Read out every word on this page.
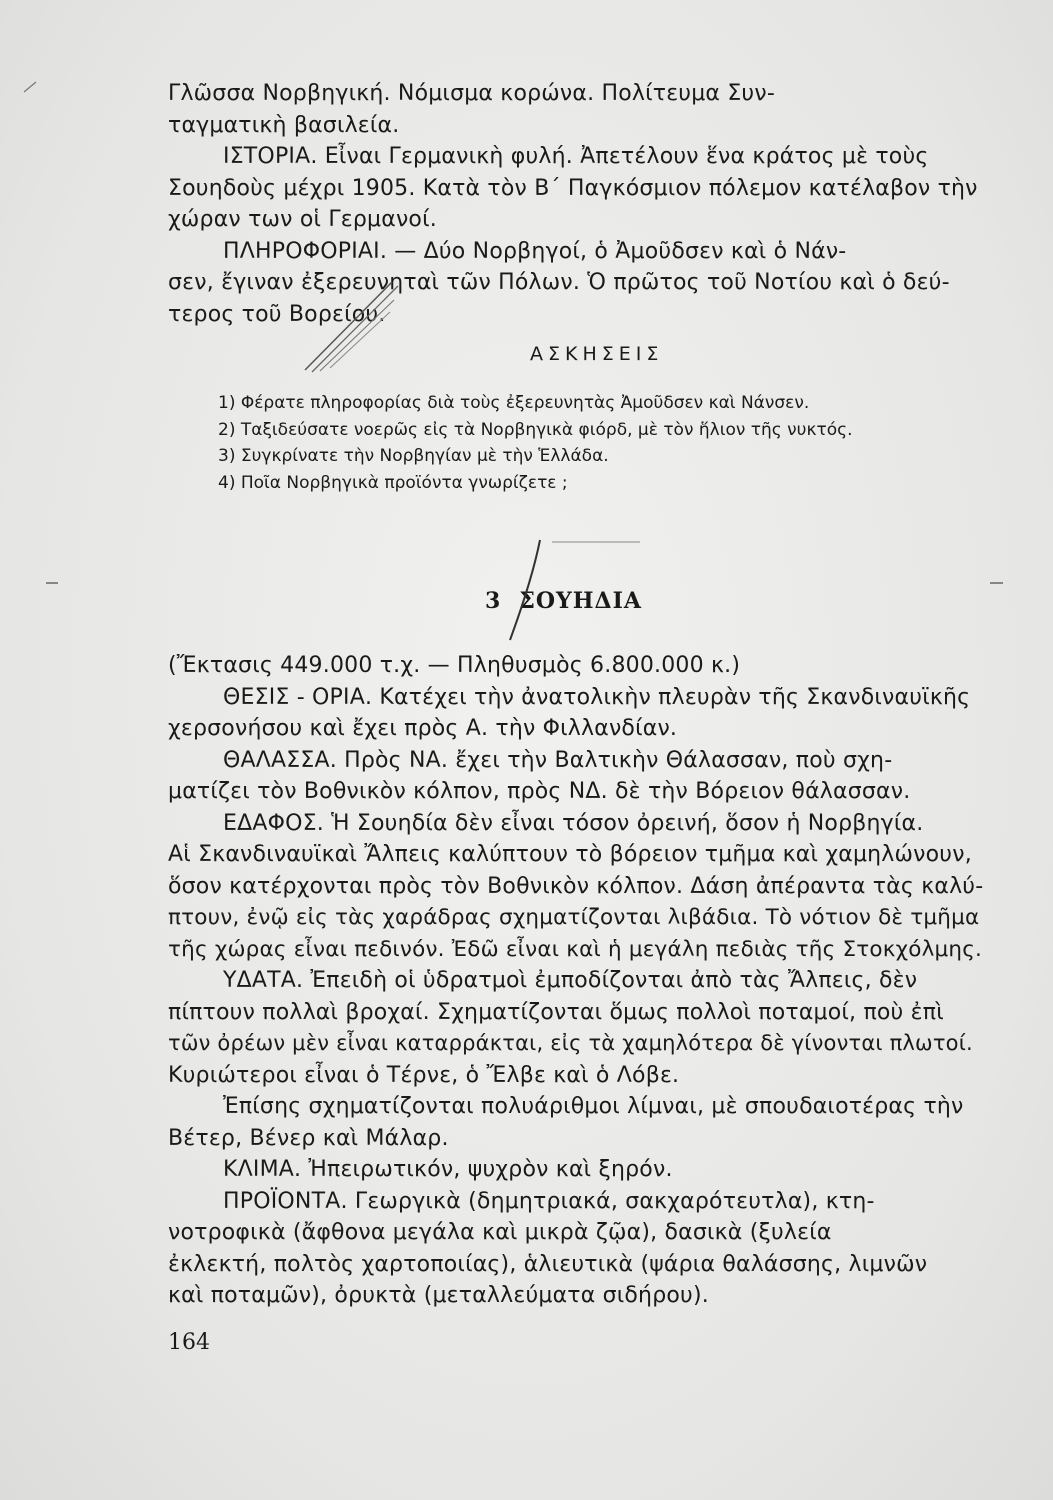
Γλῶσσα Νορβηγική. Νόμισμα κορώνα. Πολίτευμα Συν-

ταγματικὴ βασιλεία.

ΙΣΤΟΡΙΑ. Εἶναι Γερμανικὴ φυλή. Ἀπετέλουν ἕνα κράτος μὲ τοὺς

Σουηδοὺς μέχρι 1905. Κατὰ τὸν Β΄ Παγκόσμιον πόλεμον κατέλαβον τὴν

χώραν των οἱ Γερμανοί.

ΠΛΗΡΟΦΟΡΙΑΙ. — Δύο Νορβηγοί, ὁ Ἀμοῦδσεν καὶ ὁ Νάν-

σεν, ἔγιναν ἐξερευνηταὶ τῶν Πόλων. Ὁ πρῶτος τοῦ Νοτίου καὶ ὁ δεύ-

τερος τοῦ Βορείου.

ΑΣΚΗΣΕΙΣ

1) Φέρατε πληροφορίας διὰ τοὺς ἐξερευνητὰς Ἀμοῦδσεν καὶ Νάνσεν.

2) Ταξιδεύσατε νοερῶς εἰς τὰ Νορβηγικὰ φιόρδ, μὲ τὸν ἥλιον τῆς νυκτός.

3) Συγκρίνατε τὴν Νορβηγίαν μὲ τὴν Ἑλλάδα.

4) Ποῖα Νορβηγικὰ προϊόντα γνωρίζετε ;

3 ΣΟΥΗΔΙΑ

(Ἔκτασις 449.000 τ.χ. — Πληθυσμὸς 6.800.000 κ.)

ΘΕΣΙΣ - ΟΡΙΑ. Κατέχει τὴν ἀνατολικὴν πλευρὰν τῆς Σκανδιναυϊκῆς

χερσονήσου καὶ ἔχει πρὸς Α. τὴν Φιλλανδίαν.

ΘΑΛΑΣΣΑ. Πρὸς ΝΑ. ἔχει τὴν Βαλτικὴν Θάλασσαν, ποὺ σχη-

ματίζει τὸν Βοθνικὸν κόλπον, πρὸς ΝΔ. δὲ τὴν Βόρειον θάλασσαν.

ΕΔΑΦΟΣ. Ἡ Σουηδία δὲν εἶναι τόσον ὀρεινή, ὅσον ἡ Νορβηγία.

Αἱ Σκανδιναυϊκαὶ Ἄλπεις καλύπτουν τὸ βόρειον τμῆμα καὶ χαμηλώνουν,

ὅσον κατέρχονται πρὸς τὸν Βοθνικὸν κόλπον. Δάση ἀπέραντα τὰς καλύ-

πτουν, ἐνῷ εἰς τὰς χαράδρας σχηματίζονται λιβάδια. Τὸ νότιον δὲ τμῆμα

τῆς χώρας εἶναι πεδινόν. Ἐδῶ εἶναι καὶ ἡ μεγάλη πεδιὰς τῆς Στοκχόλμης.

ΥΔΑΤΑ. Ἐπειδὴ οἱ ὑδρατμοὶ ἐμποδίζονται ἀπὸ τὰς Ἄλπεις, δὲν

πίπτουν πολλαὶ βροχαί. Σχηματίζονται ὅμως πολλοὶ ποταμοί, ποὺ ἐπὶ

τῶν ὀρέων μὲν εἶναι καταρράκται, εἰς τὰ χαμηλότερα δὲ γίνονται πλωτοί.

Κυριώτεροι εἶναι ὁ Τέρνε, ὁ Ἔλβε καὶ ὁ Λόβε.

Ἐπίσης σχηματίζονται πολυάριθμοι λίμναι, μὲ σπουδαιοτέρας τὴν

Βέτερ, Βένερ καὶ Μάλαρ.

ΚΛΙΜΑ. Ἠπειρωτικόν, ψυχρὸν καὶ ξηρόν.

ΠΡΟΪΟΝΤΑ. Γεωργικὰ (δημητριακά, σακχαρότευτλα), κτη-

νοτροφικὰ (ἄφθονα μεγάλα καὶ μικρὰ ζῷα), δασικὰ (ξυλεία

ἐκλεκτή, πολτὸς χαρτοποιίας), ἁλιευτικὰ (ψάρια θαλάσσης, λιμνῶν

καὶ ποταμῶν), ὀρυκτὰ (μεταλλεύματα σιδήρου).

164
